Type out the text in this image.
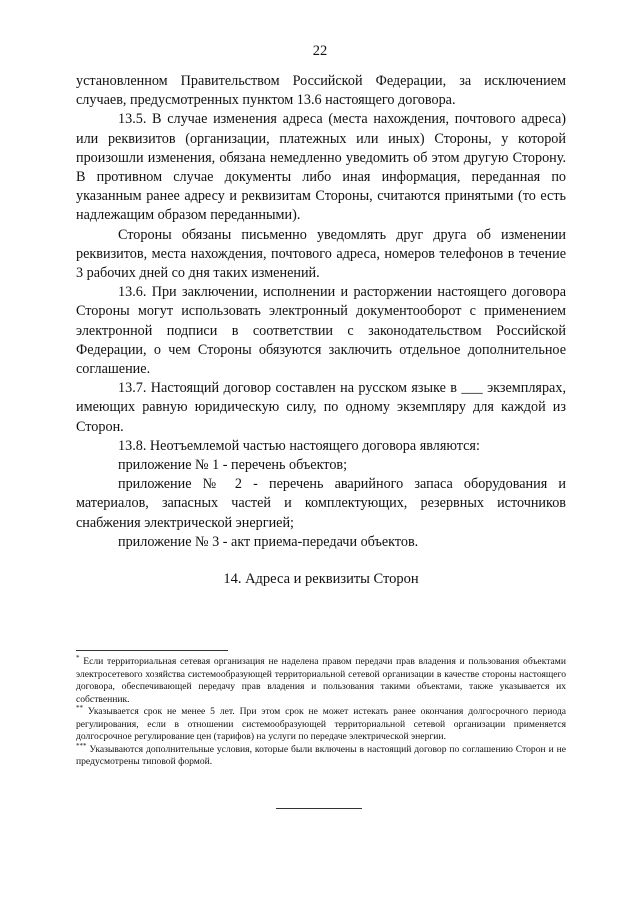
22

установленном Правительством Российской Федерации, за исключением случаев, предусмотренных пунктом 13.6 настоящего договора.

13.5. В случае изменения адреса (места нахождения, почтового адреса) или реквизитов (организации, платежных или иных) Стороны, у которой произошли изменения, обязана немедленно уведомить об этом другую Сторону. В противном случае документы либо иная информация, переданная по указанным ранее адресу и реквизитам Стороны, считаются принятыми (то есть надлежащим образом переданными).

Стороны обязаны письменно уведомлять друг друга об изменении реквизитов, места нахождения, почтового адреса, номеров телефонов в течение 3 рабочих дней со дня таких изменений.

13.6. При заключении, исполнении и расторжении настоящего договора Стороны могут использовать электронный документооборот с применением электронной подписи в соответствии с законодательством Российской Федерации, о чем Стороны обязуются заключить отдельное дополнительное соглашение.

13.7. Настоящий договор составлен на русском языке в ___ экземплярах, имеющих равную юридическую силу, по одному экземпляру для каждой из Сторон.

13.8. Неотъемлемой частью настоящего договора являются:

приложение № 1 - перечень объектов;

приложение № 2 - перечень аварийного запаса оборудования и материалов, запасных частей и комплектующих, резервных источников снабжения электрической энергией;

приложение № 3 - акт приема-передачи объектов.

14. Адреса и реквизиты Сторон

* Если территориальная сетевая организация не наделена правом передачи прав владения и пользования объектами электросетевого хозяйства системообразующей территориальной сетевой организации в качестве стороны настоящего договора, обеспечивающей передачу прав владения и пользования такими объектами, также указывается их собственник.

** Указывается срок не менее 5 лет. При этом срок не может истекать ранее окончания долгосрочного периода регулирования, если в отношении системообразующей территориальной сетевой организации применяется долгосрочное регулирование цен (тарифов) на услуги по передаче электрической энергии.

*** Указываются дополнительные условия, которые были включены в настоящий договор по соглашению Сторон и не предусмотрены типовой формой.
